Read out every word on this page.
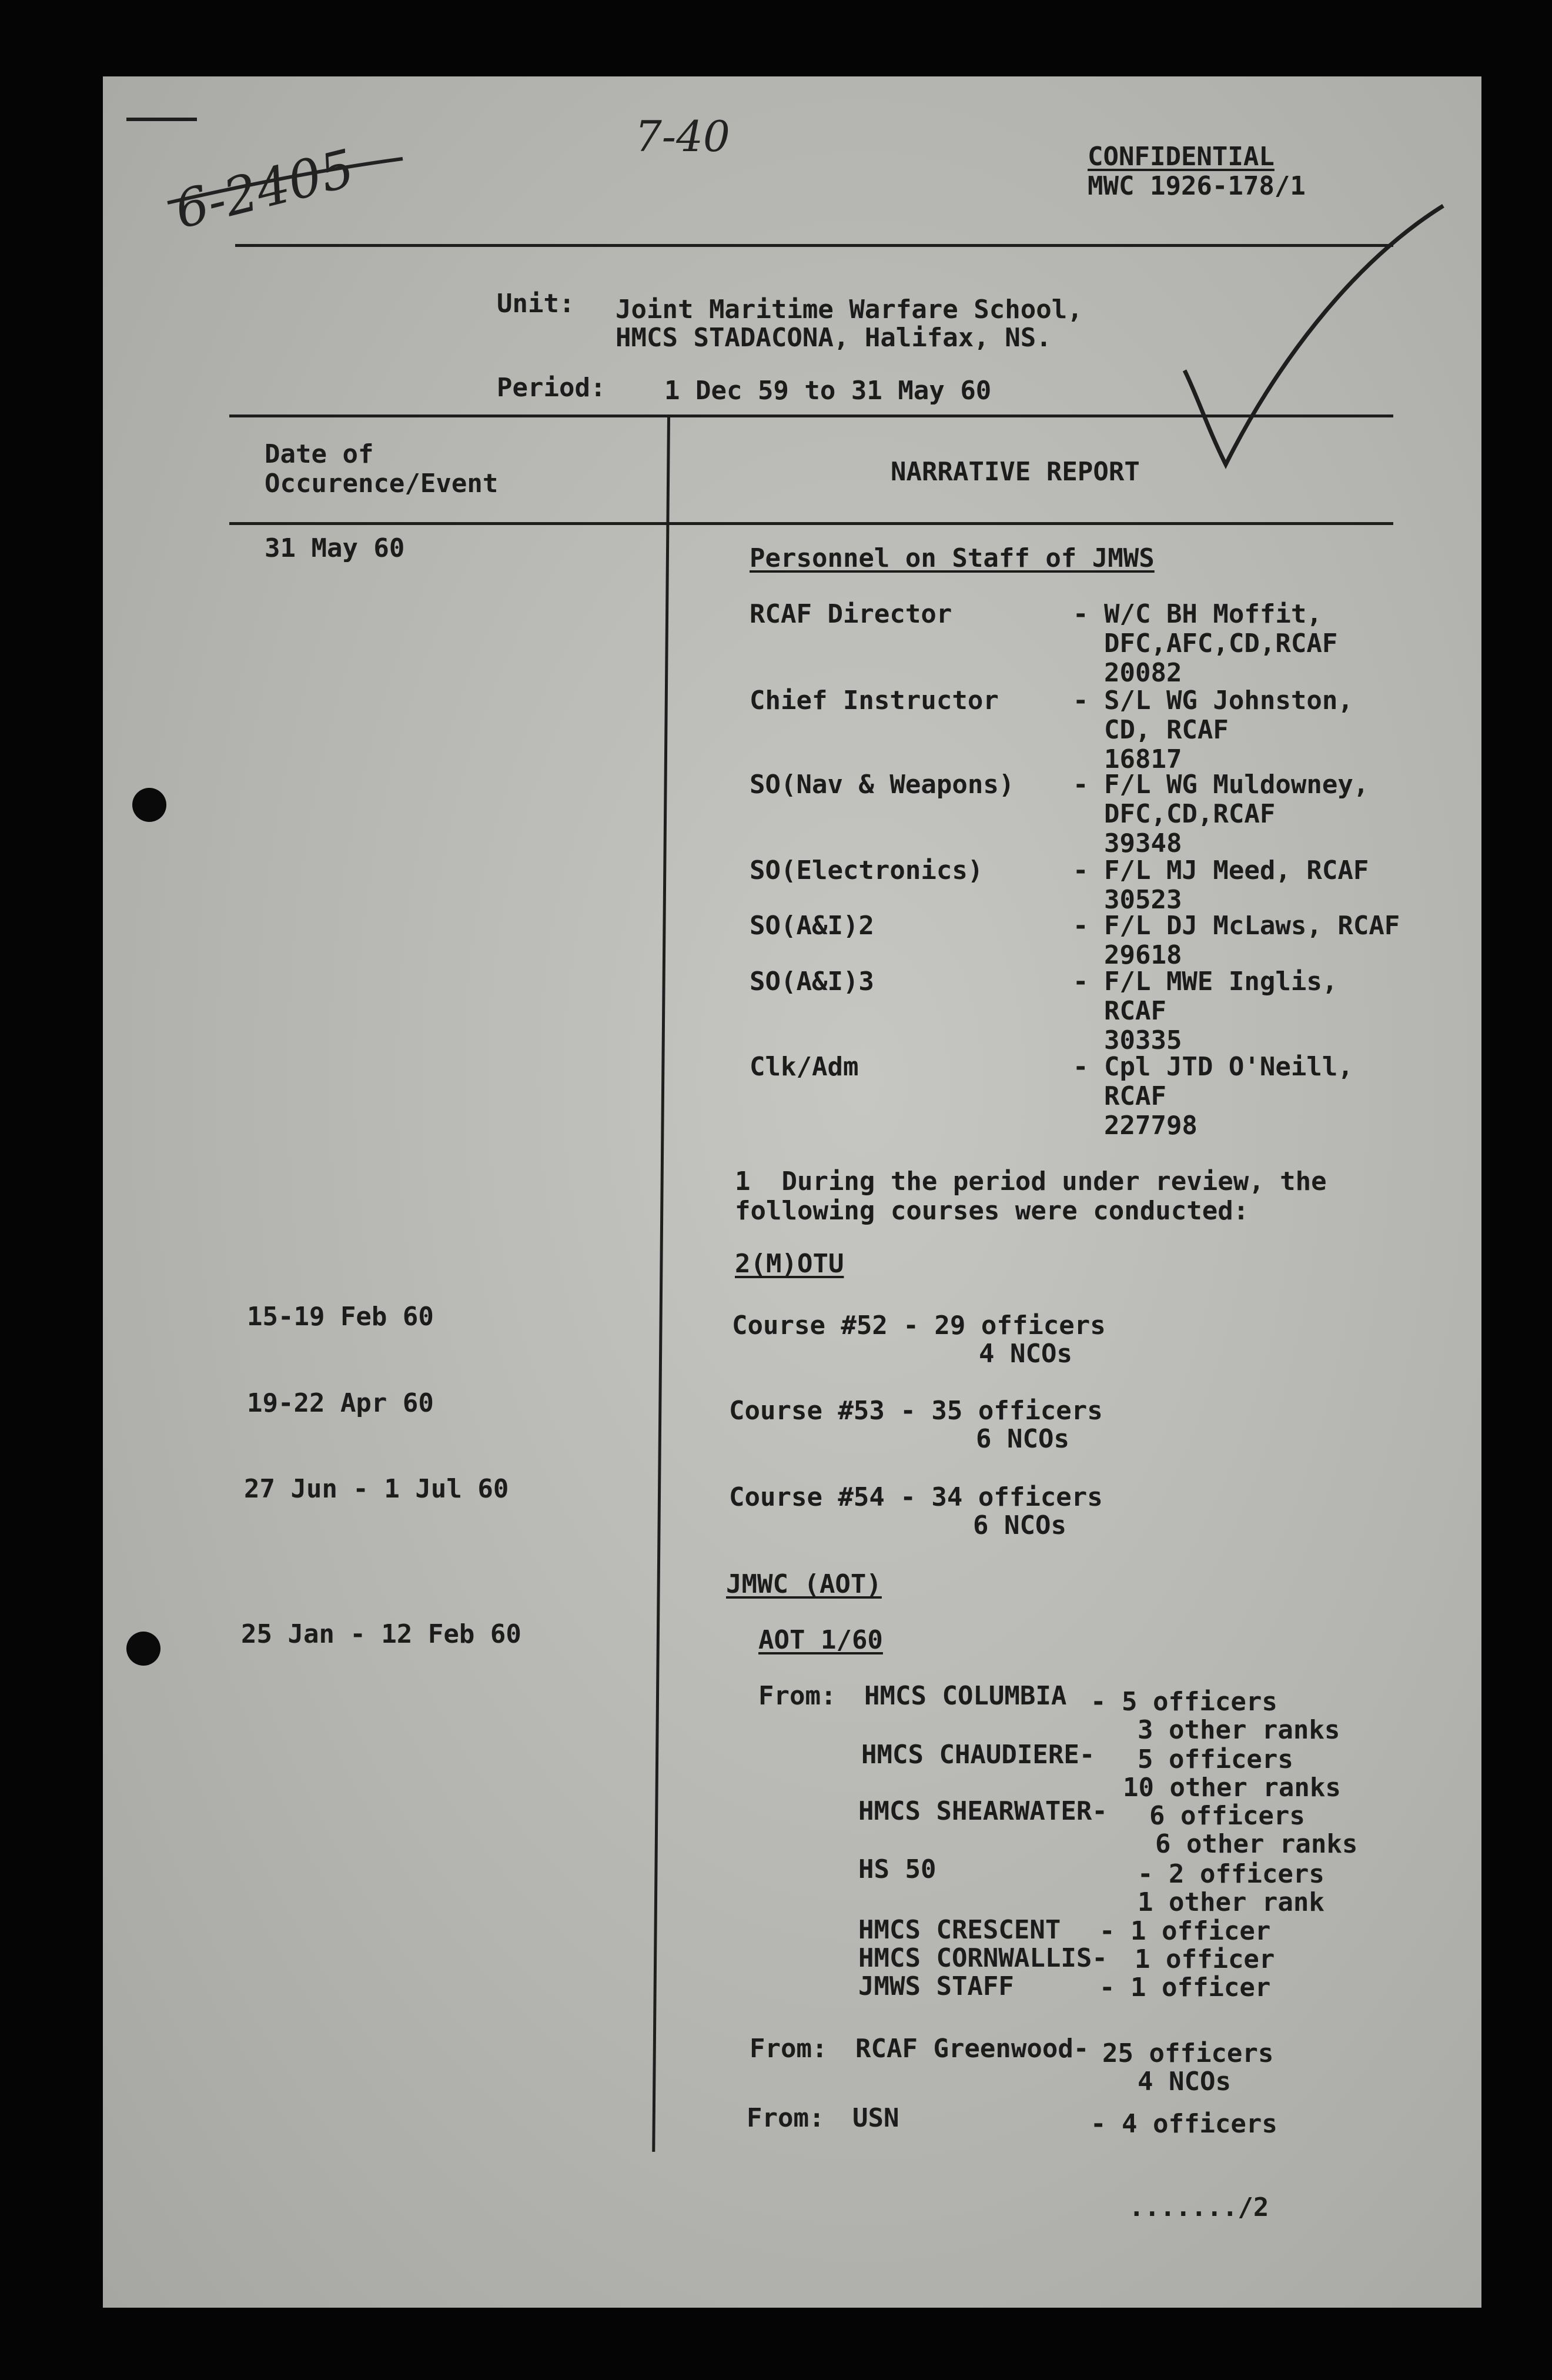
6-2405
7-40	CONFIDENTIAL
MWC 1926-178/1
Unit: Joint Maritime Warfare School,
HMCS STADACONA, Halifax, NS.
Period: 1 Dec 59 to 31 May 60
Date of
Occurence/Event	NARRATIVE REPORT
31 May 60	Personnel on Staff of JMWS
RCAF Director	- W/C BH Moffit,
DFC,AFC,CD,RCAF
20082
Chief Instructor	- S/L WG Johnston,
CD, RCAF
16817
SO(Nav & Weapons) - F/L WG Muldowney,
DFC,CD,RCAF
39348
SO(Electronics)	- F/L MJ Meed, RCAF
30523
SO(A&I)2	- F/L DJ McLaws, RCAF
29618
SO(A&I)3	- F/L MWE Inglis,
RCAF
30335
Clk/Adm	- Cpl JTD O'Neill,
RCAF
227798
1  During the period under review, the
following courses were conducted:
2(M)OTU
15-19 Feb 60	Course #52 - 29 officers
4 NCOs
19-22 Apr 60	Course #53 - 35 officers
6 NCOs
27 Jun - 1 Jul 60	Course #54 - 34 officers
6 NCOs
JMWC (AOT)
25 Jan - 12 Feb 60	AOT 1/60
From: HMCS COLUMBIA - 5 officers
3 other ranks
HMCS CHAUDIERE- 5 officers
10 other ranks
HMCS SHEARWATER- 6 officers
6 other ranks
HS 50	- 2 officers
1 other rank
HMCS CRESCENT - 1 officer
HMCS CORNWALLIS- 1 officer
JMWS STAFF	- 1 officer
From: RCAF Greenwood- 25 officers
4 NCOs
From: USN	- 4 officers
......./2
